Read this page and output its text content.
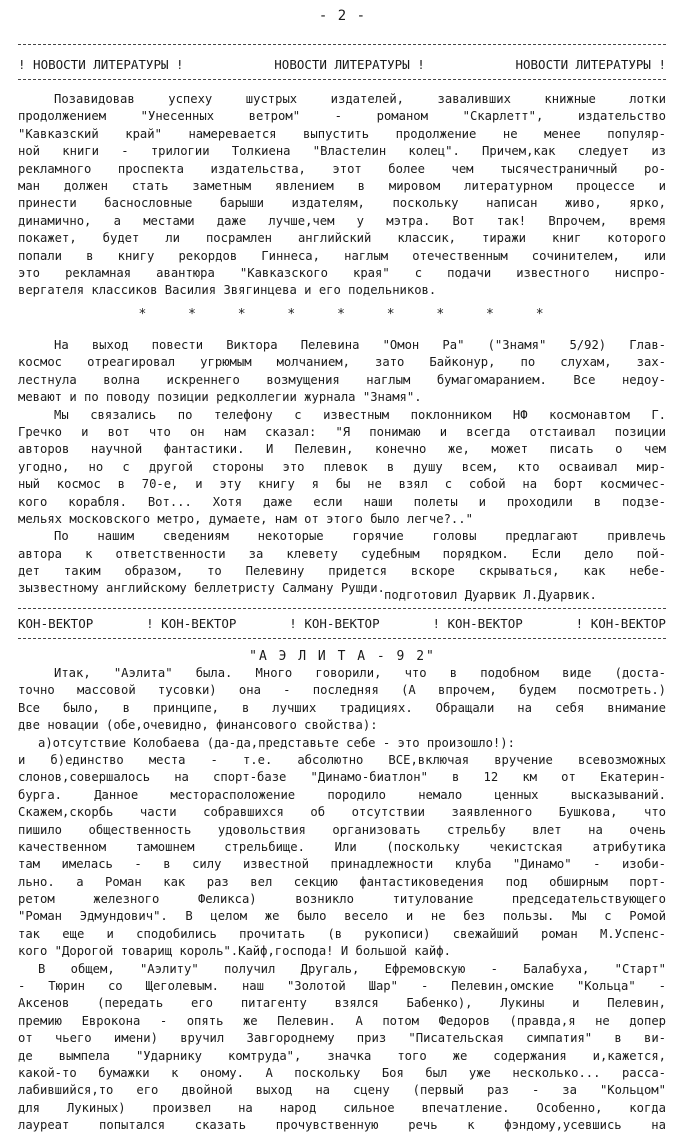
- 2 -
! НОВОСТИ ЛИТЕРАТУРЫ !	НОВОСТИ ЛИТЕРАТУРЫ !	НОВОСТИ ЛИТЕРАТУРЫ !
Позавидовав успеху шустрых издателей, заваливших книжные лотки
продолжением "Унесенных ветром" - романом "Скарлетт", издательство
"Кавказский край" намеревается выпустить продолжение не менее популяр-
ной книги - трилогии Толкиена "Властелин колец". Причем,как следует из
рекламного проспекта издательства, этот более чем тысячестраничный ро-
ман должен стать заметным явлением в мировом литературном процессе и
принести баснословные барыши издателям, поскольку написан живо, ярко,
динамично, а местами даже лучше,чем у мэтра. Вот так! Впрочем, время
покажет, будет ли посрамлен английский классик, тиражи книг которого
попали в книгу рекордов Гиннеса, наглым отечественным сочинителем, или
это рекламная авантюра "Кавказского края" с подачи известного ниспро-
вергателя классиков Василия Звягинцева и его подельников.
* * * * * * * * *
На выход повести Виктора Пелевина "Омон Ра" ("Знамя" 5/92) Глав-
космос отреагировал угрюмым молчанием, зато Байконур, по слухам, зах-
лестнула волна искреннего возмущения наглым бумагомаранием. Все недоу-
мевают и по поводу позиции редколлегии журнала "Знамя".
Мы связались по телефону с известным поклонником НФ космонавтом Г.
Гречко и вот что он нам сказал: "Я понимаю и всегда отстаивал позиции
авторов научной фантастики. И Пелевин, конечно же, может писать о чем
угодно, но с другой стороны это плевок в душу всем, кто осваивал мир-
ный космос в 70-е, и эту книгу я бы не взял с собой на борт космичес-
кого корабля. Вот... Хотя даже если наши полеты и проходили в подзе-
мельях московского метро, думаете, нам от этого было легче?.."
По нашим сведениям некоторые горячие головы предлагают привлечь
автора к ответственности за клевету судебным порядком. Если дело пой-
дет таким образом, то Пелевину придется вскоре скрываться, как небе-
зызвестному английскому беллетристу Салману Рушди. подготовил Дуарвик Л.Дуарвик.
КОН-ВЕКТОР	! КОН-ВЕКТОР	! КОН-ВЕКТОР	! КОН-ВЕКТОР	! КОН-ВЕКТОР
"А Э Л И Т А - 9 2"
Итак, "Аэлита" была. Много говорили, что в подобном виде (доста-
точно массовой тусовки) она - последняя (А впрочем, будем посмотреть.)
Все было, в принципе, в лучших традициях. Обращали на себя внимание
две новации (обе,очевидно, финансового свойства):
а)отсутствие Колобаева (да-да,представьте себе - это произошло!):
и б)единство места - т.е. абсолютно ВСЕ,включая вручение всевозможных
слонов,совершалось на спорт-базе "Динамо-биатлон" в 12 км от Екатерин-
бурга. Данное месторасположение породило немало ценных высказываний.
Скажем,скорбь части собравшихся об отсутствии заявленного Бушкова, что
пишило общественность удовольствия организовать стрельбу влет на очень
качественном тамошнем стрельбище. Или (поскольку чекистская атрибутика
там имелась - в силу известной принадлежности клуба "Динамо" - изоби-
льно. а Роман как раз вел секцию фантастиковедения под обширным порт-
ретом железного Феликса) возникло титулование председательствующего
"Роман Эдмундович". В целом же было весело и не без пользы. Мы с Ромой
так еще и сподобились прочитать (в рукописи) свежайший роман М.Успенс-
кого "Дорогой товарищ король".Кайф,господа! И большой кайф.
В общем, "Аэлиту" получил Другаль, Ефремовскую - Балабуха, "Старт"
- Тюрин со Щеголевым. наш "Золотой Шар" - Пелевин,омские "Кольца" -
Аксенов (передать его питагенту взялся Бабенко), Лукины и Пелевин,
премию Еврокона - опять же Пелевин. А потом Федоров (правда,я не допер
от чьего имени) вручил Завгороднему приз "Писательская симпатия" в ви-
де вымпела "Ударнику комтруда", значка того же содержания и,кажется,
какой-то бумажки к оному. А поскольку Боя был уже несколько... расса-
лабившийся,то его двойной выход на сцену (первый раз - за "Кольцом"
для Лукиных) произвел на народ сильное впечатление. Особенно, когда
лауреат попытался сказать прочувственную речь к фэндому,усевшись на
